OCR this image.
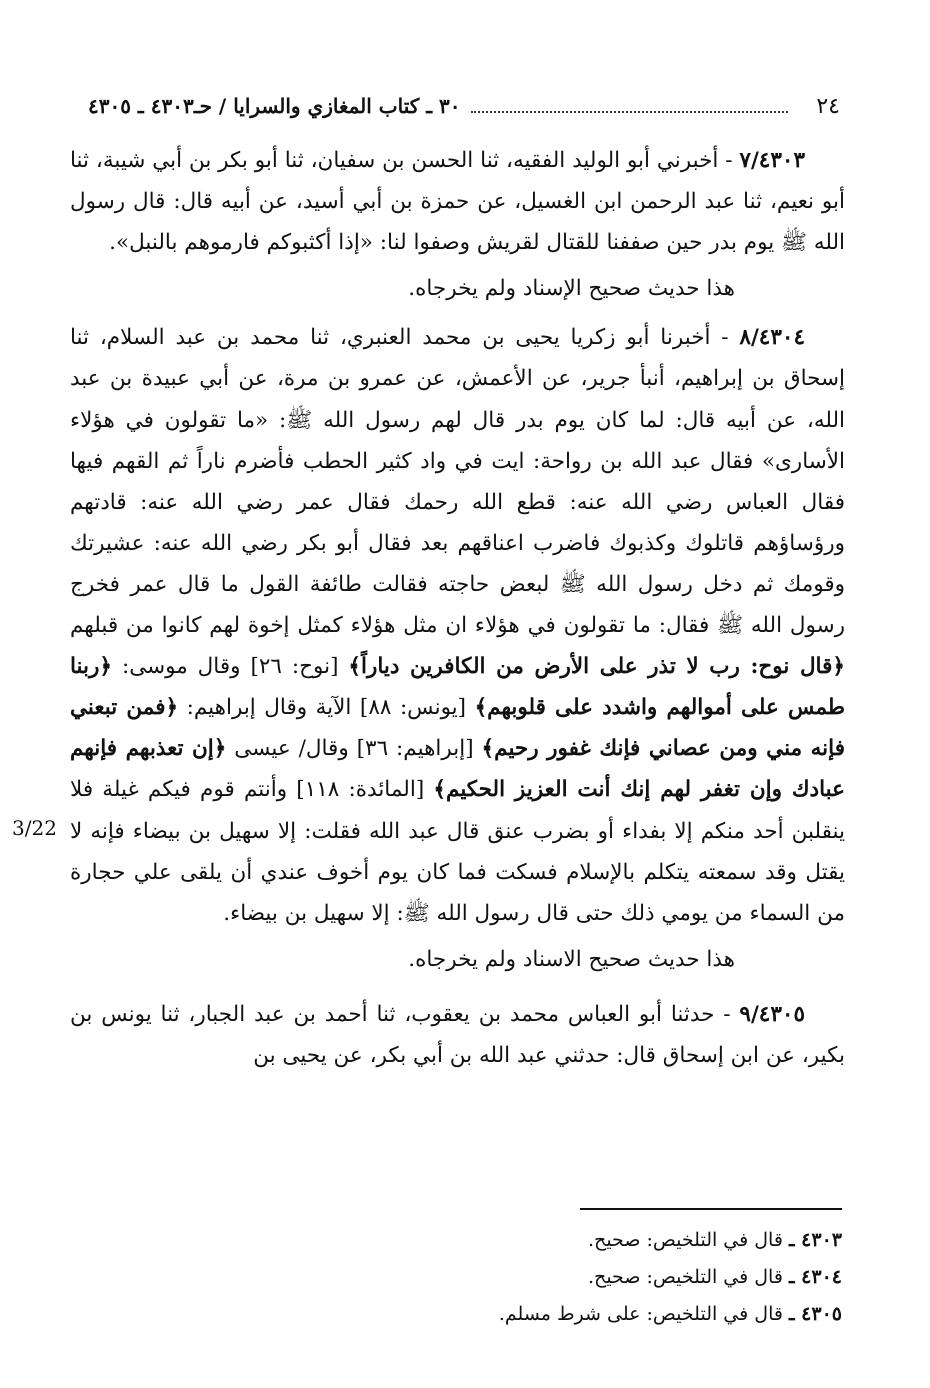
٢٤
٣٠ ـ كتاب المغازي والسرايا / حـ٤٣٠٣ ـ ٤٣٠٥

٧/٤٣٠٣ - أخبرني أبو الوليد الفقيه، ثنا الحسن بن سفيان، ثنا أبو بكر بن أبي شيبة، ثنا أبو نعيم، ثنا عبد الرحمن ابن الغسيل، عن حمزة بن أبي أسيد، عن أبيه قال: قال رسول الله ﷺ يوم بدر حين صففنا للقتال لقريش وصفوا لنا: «إذا أكثبوكم فارموهم بالنبل».

هذا حديث صحيح الإسناد ولم يخرجاه.

٨/٤٣٠٤ - أخبرنا أبو زكريا يحيى بن محمد العنبري، ثنا محمد بن عبد السلام، ثنا إسحاق بن إبراهيم، أنبأ جرير، عن الأعمش، عن عمرو بن مرة، عن أبي عبيدة بن عبد الله، عن أبيه قال: لما كان يوم بدر قال لهم رسول الله ﷺ: «ما تقولون في هؤلاء الأسارى» فقال عبد الله بن رواحة: ايت في واد كثير الحطب فأضرم ناراً ثم القهم فيها فقال العباس رضي الله عنه: قطع الله رحمك فقال عمر رضي الله عنه: قادتهم ورؤساؤهم قاتلوك وكذبوك فاضرب اعناقهم بعد فقال أبو بكر رضي الله عنه: عشيرتك وقومك ثم دخل رسول الله ﷺ لبعض حاجته فقالت طائفة القول ما قال عمر فخرج رسول الله ﷺ فقال: ما تقولون في هؤلاء ان مثل هؤلاء كمثل إخوة لهم كانوا من قبلهم ﴿قال نوح: رب لا تذر على الأرض من الكافرين دياراً﴾ [نوح: ٢٦] وقال موسى: ﴿ربنا طمس على أموالهم واشدد على قلوبهم﴾ [يونس: ٨٨] الآية وقال إبراهيم: ﴿فمن تبعني فإنه مني ومن عصاني فإنك غفور رحيم﴾ [إبراهيم: ٣٦] وقال/ عيسى ﴿إن تعذبهم فإنهم عبادك وإن تغفر لهم إنك أنت العزيز الحكيم﴾ [المائدة: ١١٨] وأنتم قوم فيكم غيلة فلا ينقلبن أحد منكم إلا بفداء أو بضرب عنق قال عبد الله فقلت: إلا سهيل بن بيضاء فإنه لا يقتل وقد سمعته يتكلم بالإسلام فسكت فما كان يوم أخوف عندي أن يلقى علي حجارة من السماء من يومي ذلك حتى قال رسول الله ﷺ: إلا سهيل بن بيضاء.

هذا حديث صحيح الاسناد ولم يخرجاه.

٩/٤٣٠٥ - حدثنا أبو العباس محمد بن يعقوب، ثنا أحمد بن عبد الجبار، ثنا يونس بن بكير، عن ابن إسحاق قال: حدثني عبد الله بن أبي بكر، عن يحيى بن

3/22
٤٣٠٣ ـ قال في التلخيص: صحيح.
٤٣٠٤ ـ قال في التلخيص: صحيح.
٤٣٠٥ ـ قال في التلخيص: على شرط مسلم.
